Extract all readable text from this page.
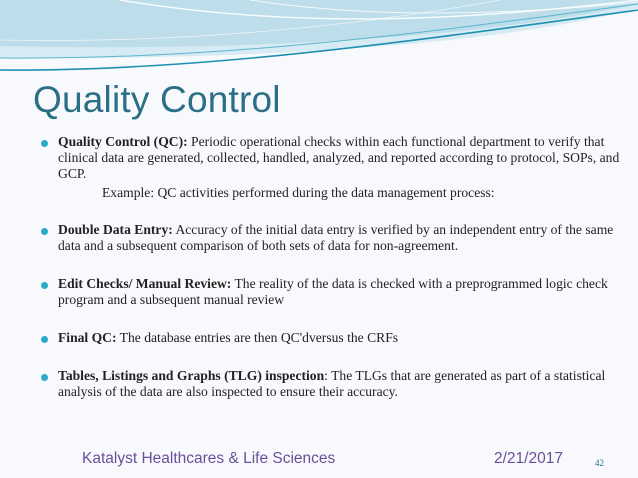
Quality Control
Quality Control (QC): Periodic operational checks within each functional department to verify that clinical data are generated, collected, handled, analyzed, and reported according to protocol, SOPs, and GCP.
Example: QC activities performed during the data management process:
Double Data Entry: Accuracy of the initial data entry is verified by an independent entry of the same data and a subsequent comparison of both sets of data for non-agreement.
Edit Checks/ Manual Review: The reality of the data is checked with a preprogrammed logic check program and a subsequent manual review
Final QC: The database entries are then QC'dversus the CRFs
Tables, Listings and Graphs (TLG) inspection: The TLGs that are generated as part of a statistical analysis of the data are also inspected to ensure their accuracy.
Katalyst Healthcares & Life Sciences	2/21/2017	42
